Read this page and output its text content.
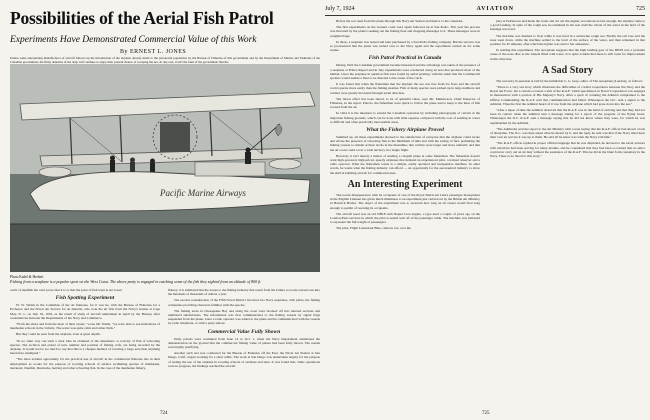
July 7, 1924	AVIATION	725
Possibilities of the Aerial Fish Patrol
Experiments Have Demonstrated Commercial Value of this Work
By ERNEST L. JONES

Before the war used from the plane through this Navy Air Station and thence to the canneries.

The first experiments on the western coast were again followed up at San Pedro. This year the process was thwarted by the plane's seeking out the fishing fleet and dropping messages to it. These messages were in weighted bags.

In those, a seaplane was leased and later purchased by a San Pedro fishing company. But the success was so pronounced that the plane was turned over to the Navy again and the experiment carried on for some weeks.

Fish Patrol Practical in Canada

During 1922 the Canadian government became interested and the advantage was taken of the presence of a seaplane at Prince Rupert and in July experiments were conducted along an area that produced most of the halibut. Upon the seaplane in question fish were found by aerial spotting, with the result that the Commercial spotters would enable a fleet to be directed to the scene of the catch.

It was found that when the fishermen met the airplane the sea was free from ice floes and the aircraft could operate more easily than the fishing steamer. Fish of many species were picked up in large numbers and catches were greatly increased through aerial direction.

The moral effect has been shown to be of splendid value, says Mr. Mathewson, Chief Inspector of Fisheries, in the report. Patrols, the fishermen were quick to follow the plane and to keep to the lines of fish located from the air.

In 1924 it is the intention to extend the Canadian operation by including photography of certain of the important fishing grounds, which can be done with little expense compared with the cost of sending in crews to difficult and often practically inaccessible areas.

What the Fishery Airplane Proved

Summed up, all these experiments showed to the satisfaction of everyone that the airplane could locate and advise the presence of schooling fish as the minimum of time and with the saving of fuel, permitting the fishing vessels to remain at their docks in the meantime; that catches were larger and more uniform; and that the air scout could cover a wide territory in a single flight.

However, it isn't merely a matter of sending a catapult plane at some fishermen. The fisherman doesn't want high-powered, high-priced, speedy airplanes that demand an experienced pilot, a trained observer and a radio operator. What the fisherman wants is a simple, easily operated and inexpensive machine. In other words, he wants what the fishing industry can afford — an opportunity for the aeronautical industry to show the skill in building aircraft for commercial uses.

An Interesting Experiment

The recent disappearance with its occupants of one of the Royal Dutch Air Line's passenger monoplanes in the English Channel has given much timeliness to an experiment just carried out by the British Air Ministry in Harwick Harbor. The object of the experiment was to ascertain how long an air vessel would float long enough to permit of rescuing its occupants.

The aircraft used was an old DH18 with Napier Lion engine, a type used a couple of years ago on the London-Paris services in which the pilot is seated well aft of the passenger cabin. The machine was ballasted to represent the full weight of passengers.

The pilot, Flight Lieutenant Blue, came in low over the

jetty at Felixstowe and made the water and cut out the engine; seconds more fast enough, his airplane came to a good landing. In spite of the rough sea, he remained in his seat until the whole of the water in the hold of the fuselage was level.

The machine was deemed to float while it was tried in a somewhat rough sea. Finally the tail rose and the nose went down, while the machine settled to the level of the surface of the water, and then remained in that position for 45 minutes, after which the lighter was sent to her assistance.

In relating this experiment, The Aeroplane suggests that the high landing gear of the DH18 was a probable cause of the nose-dive as the wheels filled with water. It is quite evident that there is still room for improvement in this direction.

A Sad Story

The sad story in question is told by the inimitable C. G. Grey, editor of The Aeroplane (London), as follows:

"There is a very sad story which illustrates the difficulties of cordial cooperation between the Navy and the Royal Air Force. On a certain occasion a unit of the R.A.F. which specialised on Naval Cooperation was engaged in manoeuvres with a portion of His Majesty's Navy. After a spell of counting the Admiral complained to the Officer Commanding the R.A.F. unit that communication had failed. Whereupon the O.C. sent a signal to the Admiral. Thus the first the Admiral heard of it was from the airplane which had gone down into the sea."

"After a lapse of time the Admiral observed that the R.A.F. was in the habit of arriving and that they had not been in contact when the Admiral sent a message asking for a report of the progress of the flying boats. Whereupon the O.C. R.A.F. sent a message saying that he did not know where they were, for which he was reprimanded by the Admiral.

"The Admiralty sent the report to the Air Ministry with a note saying that the R.A.F. officer had shown a lack of discipline. The O.C. was then asked what he meant by it, and the reply he sent was that if the Navy must have their own air service it was up to them. He said all he knew was what the Navy told him."

"The R.A.F. officer replied in proper official language that he was dispirited, he devoted to the naval aviators with whom he had been serving for many months, and he considered that they had been so trained that no sailor could ever carry out an air duty without the assistance of the R.A.F. This he did in the blunt form customary in the Navy. There is no moral to this story."

Unless some enterprising manufacturer of aircraft follows up the introduction of the airplane already made to the piscatorial population by the Bureau of Fisheries of this government and by the Department of Marine and Fisheries of the Canadian government, the finny denizens of the deep will continue to enjoy their present chance of escaping the net. At any rate, it isn't the fault of the government that the

Pacific Marine Airways
Photo Kadel & Herbert
Fishing from a seaplane is a popular sport on the West Coast. The above party is engaged in catching some of the fish they sighted from an altitude of 800 ft.

catch of shadfish but can't prove that it is or that the price of fish went is not lower.

Fish Spotting Experiment

W. W. Welsh in the Columbus of the air fisheries, for it was he, with the Bureau of Fisheries for a Professor and the Naval Air Service for an Isabella, who took the air first from the Navy's station at Cape May, N. J., on July 19, 1919, as the result of study of aircraft undertaken in April by the Bureau, after consultations between the Departments of the Navy and Commerce.

"From the shore and from the mast of their vessel," wrote Mr. Welsh, "we were able to see indications of menhaden schools in the vicinity. The water was quite calm and rather thick."

But they could be seen from the airplane, even at great depths.

"In no other way can such a clear idea be obtained of the abundance or scarcity of fish of schooling species. The location and extent of nets, number and position of fishing craft, are being recorded by the airplane. It would not be too much to say that this is a cheaper method of covering a large area than anything heretofore attempted."

"The most evident opportunity for the practical use of aircraft in the commercial fisheries lies in their employment as scouts for the purpose of locating schools of surface swimming species of menhaden, mackerel, bluefish, bluebacks, herring and other schooling fish. In the case of the menhaden fishery,

fishery, it is estimated that the losses to the fishing industry that result from the failure to locate schools run into the hundreds of thousands of dollars a year.

The second consideration of the Fifth Naval District involved two Navy seaplanes, with pilots, the fishing companies providing observers familiar with the species.

The fishing areas in Chesapeake Bay and along the coast were blocked off into lettered sections and numbered subdivisions. The information was first communicated to the fishing vessels by signal flags suspended from the plane. Later a radio operator was added to the plane and he communicated with the vessels by radio telephone, or with a party ashore.

Commercial Value Fully Shown

Daily patrols were continued from June 14 to Oct. 1, when the Navy Department abandoned the demonstration on the ground that the commercial fishing value of planes had been fully shown. The results were highly gratifying.

Another such test was conducted for the Bureau of Fisheries off the East, the Naval Air Station at San Diego, Calif., began working for a short while. The work at San Diego was undertaken largely for the purpose of testing the use of the airplane in locating schools of sardines and tuna. It was found that, while operations were in progress, the findings reached the aircraft.

724	725
